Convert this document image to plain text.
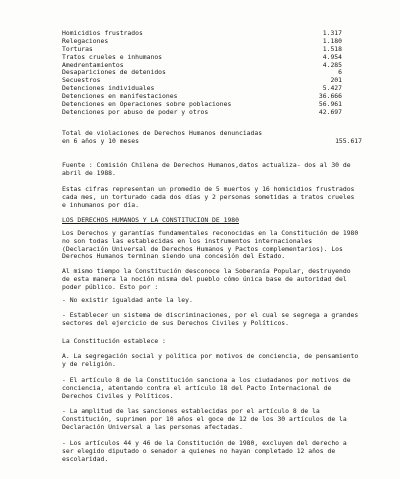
Homicidios frustrados	1.317
Relegaciones	1.180
Torturas	1.518
Tratos crueles e inhumanos	4.954
Amedrentamientos	4.285
Desapariciones de detenidos	6
Secuestros	201
Detenciones individuales	5.427
Detenciones en manifestaciones	36.666
Detenciones en Operaciones sobre poblaciones	56.961
Detenciones por abuso de poder y otros	42.697
Total de violaciones de Derechos Humanos denunciadas
en 6 años y 10 meses	155.617

Fuente : Comisión Chilena de Derechos Humanos,datos actualiza- dos al 30 de abril de 1988.

Estas cifras representan un promedio de 5 muertos y 16 homicidios frustrados cada mes, un torturado cada dos días y 2 personas sometidas a tratos crueles e inhumanos por día.

LOS DERECHOS HUMANOS Y LA CONSTITUCION DE 1980

Los Derechos y garantías fundamentales reconocidas en la Constitución de 1980 no son todas las establecidas en los instrumentos internacionales (Declaración Universal de Derechos Humanos y Pactos complementarios). Los Derechos Humanos terminan siendo una concesión del Estado.

Al mismo tiempo la Constitución desconoce la Soberanía Popular, destruyendo de esta manera la noción misma del pueblo cómo única base de autoridad del poder público. Esto por :

- No existir igualdad ante la ley.

- Establecer un sistema de discriminaciones, por el cual se segrega a grandes sectores del ejercicio de sus Derechos Civiles y Políticos.

La Constitución establece :

A. La segregación social y política por motivos de conciencia, de pensamiento y de religión.

- El artículo 8 de la Constitución sanciona a los ciudadanos por motivos de conciencia, atentando contra el artículo 18 del Pacto Internacional de Derechos Civiles y Políticos.

- La amplitud de las sanciones establecidas por el artículo 8 de la Constitución, suprimen por 10 años el goce de 12 de los 30 artículos de la Declaración Universal a las personas afectadas.

- Los artículos 44 y 46 de la Constitución de 1980, excluyen del derecho a ser elegido diputado o senador a quienes no hayan completado 12 años de escolaridad.
